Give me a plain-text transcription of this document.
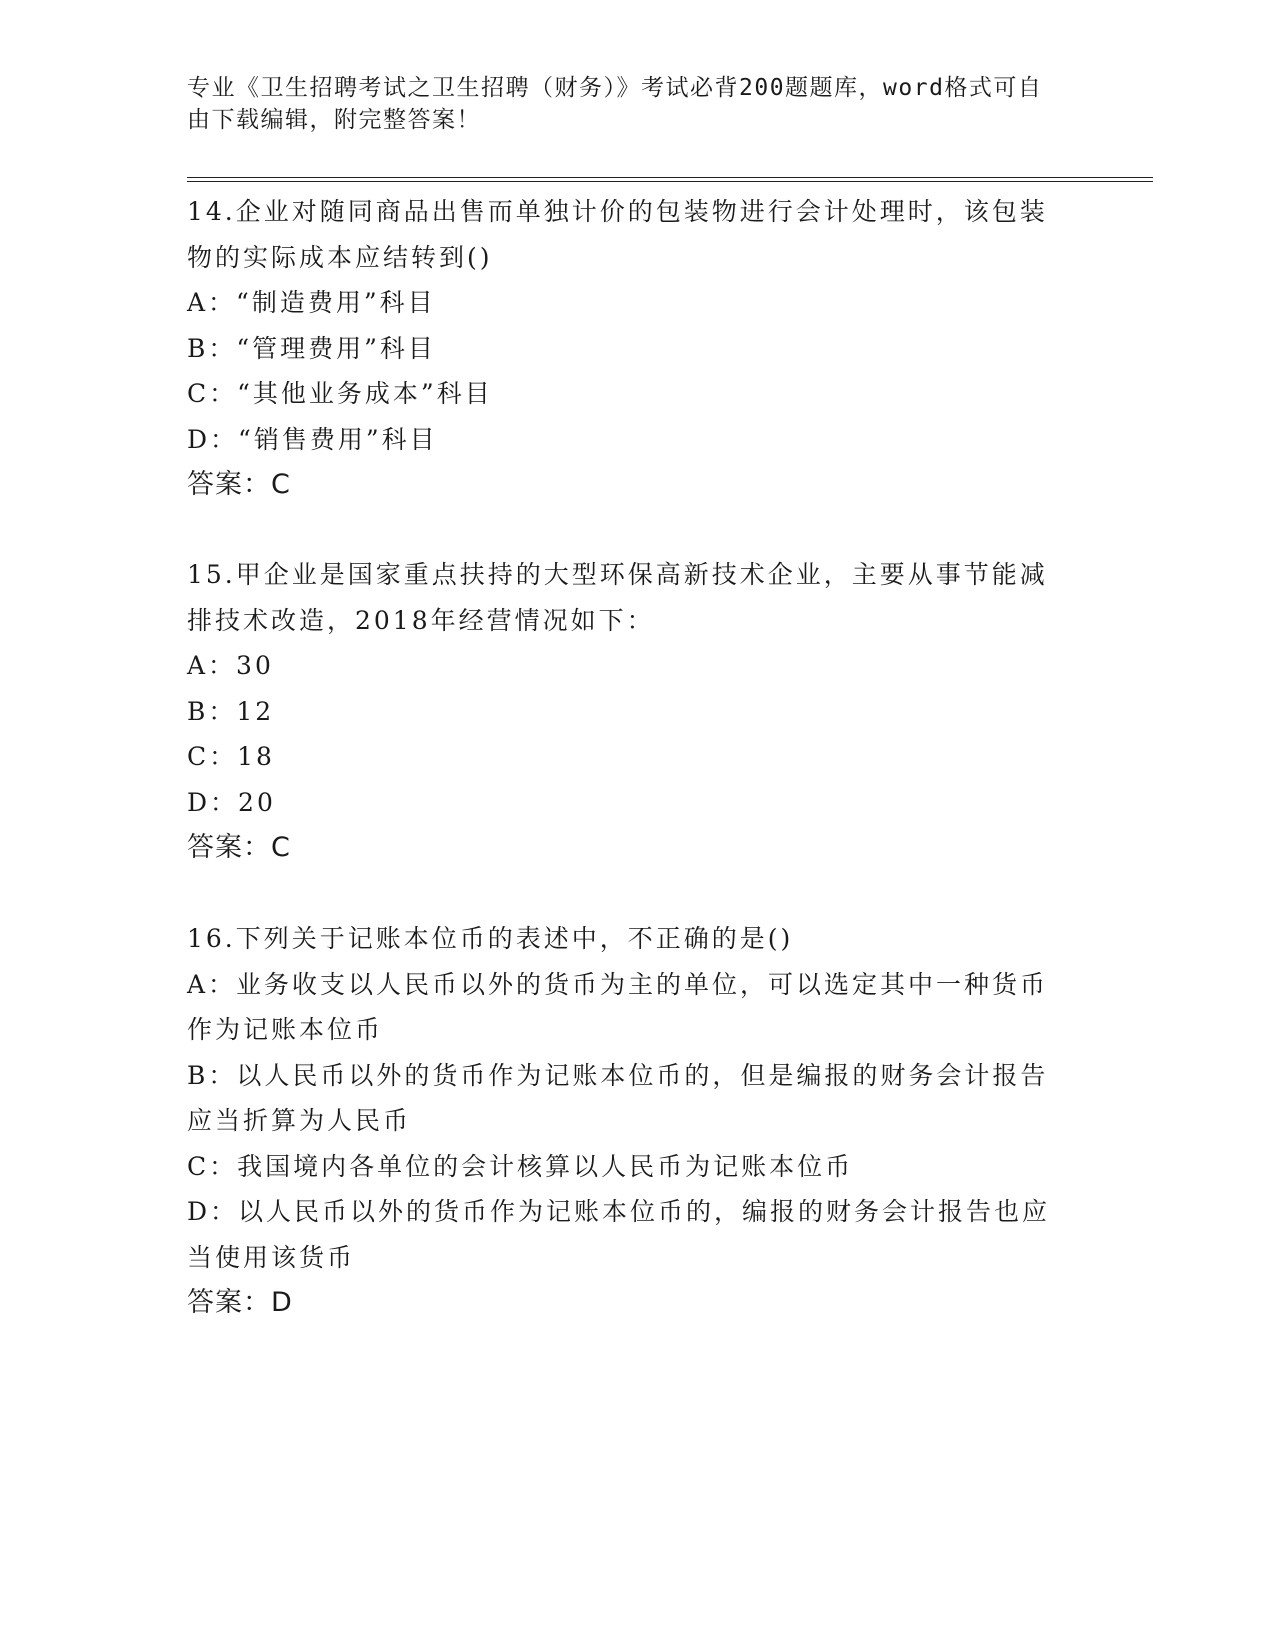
专业《卫生招聘考试之卫生招聘（财务）》考试必背200题题库，word格式可自
由下载编辑，附完整答案！
14.企业对随同商品出售而单独计价的包装物进行会计处理时，该包装
物的实际成本应结转到()
A：“制造费用”科目
B：“管理费用”科目
C：“其他业务成本”科目
D：“销售费用”科目
答案：C
15.甲企业是国家重点扶持的大型环保高新技术企业，主要从事节能减
排技术改造，2018年经营情况如下：
A：30
B：12
C：18
D：20
答案：C
16.下列关于记账本位币的表述中，不正确的是()
A：业务收支以人民币以外的货币为主的单位，可以选定其中一种货币
作为记账本位币
B：以人民币以外的货币作为记账本位币的，但是编报的财务会计报告
应当折算为人民币
C：我国境内各单位的会计核算以人民币为记账本位币
D：以人民币以外的货币作为记账本位币的，编报的财务会计报告也应
当使用该货币
答案：D
